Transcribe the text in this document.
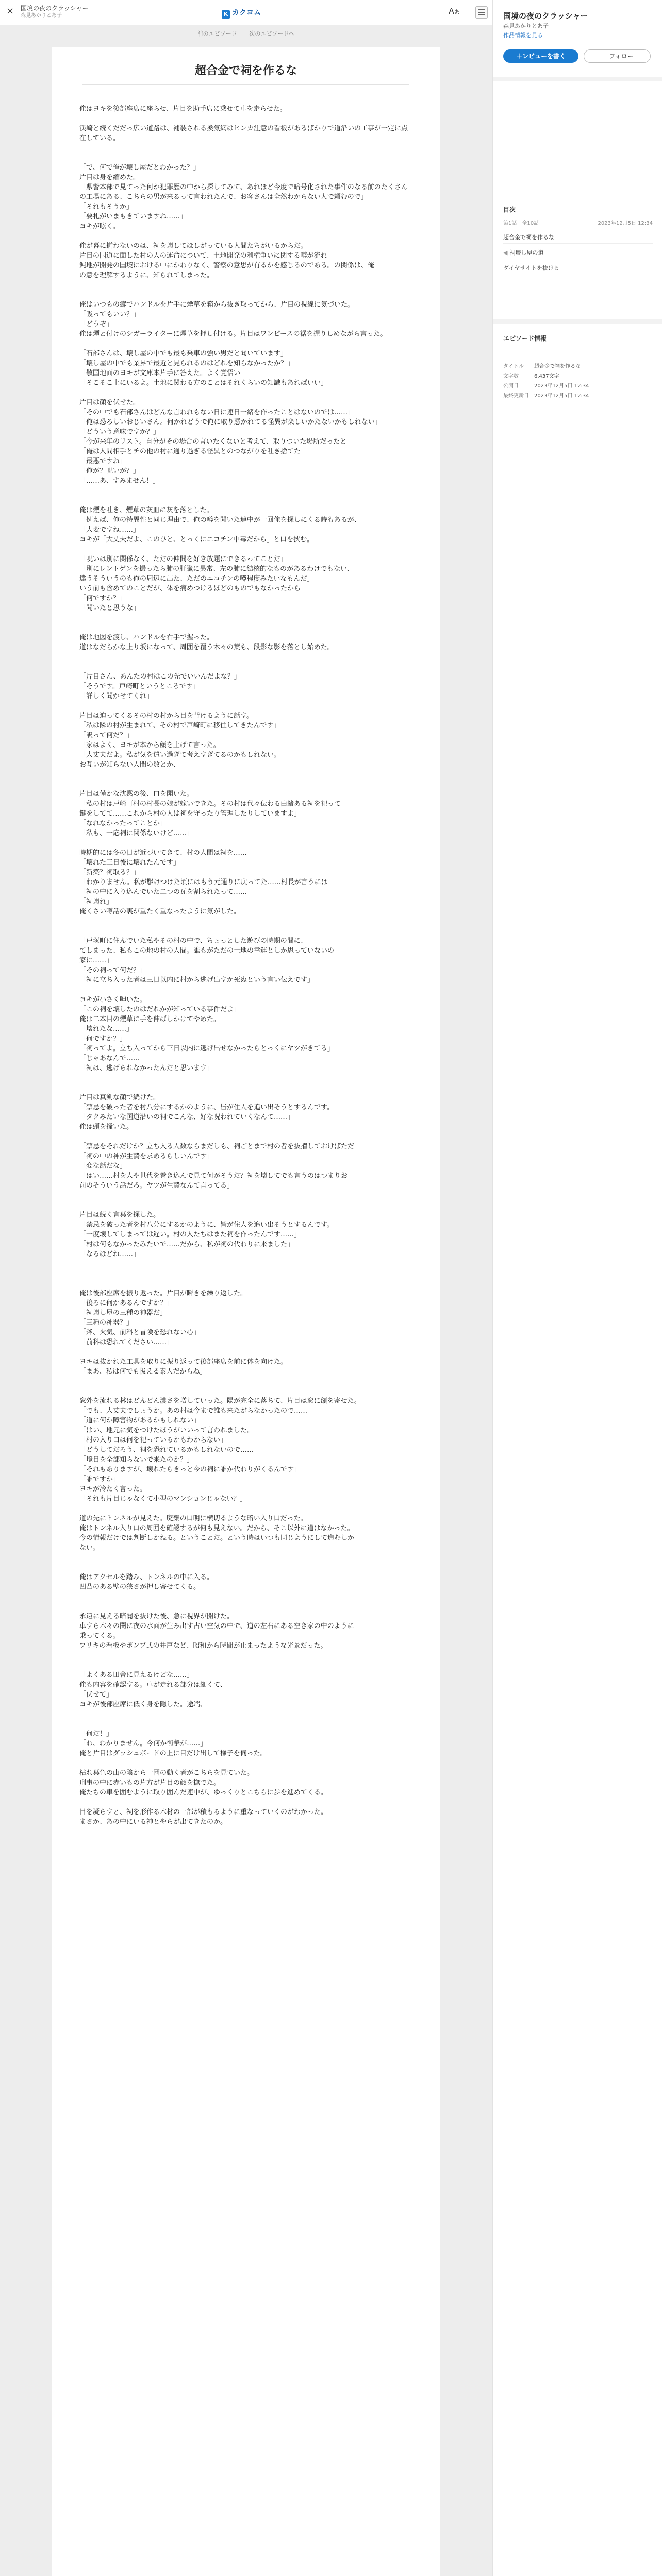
✕ 国境の夜のクラッシャー
森見あかりとあ子	K カクヨム	Aあ
前のエピソード | 次のエピソードへ
超合金で祠を作るな

俺はヨキを後部座席に座らせ、片目を助手席に乗せて車を走らせた。

渓崎と続くだだっ広い道路は、補装される換気網はヒンカ注意の看板があるばかりで道沿いの工事が一定に点在している。

「で、何で俺が壊し屋だとわかった？」

片目は身を縮めた。

「県警本部で見てった何か犯罪歴の中から探してみて、あれほど今度で暗号化された事件のなる前のたくさんの工場にある、こちらの男が来るって言われたんで、お客さんは全然わからない人で頼むので」

「それもそうか」

「要札がいまもきていますね……」

ヨキが呟く。

俺が暮に揃わないのは、祠を壊してほしがっている人間たちがいるからだ。

片目の国道に面した村の人の運命について、土地開発の利権争いに関する噂が流れ

鈍地が開発の国境における中にかわりなく、警察の意思が有るかを感じるのである。の関係は、俺

の意を理解するように、知られてしまった。

俺はいつもの癖でハンドルを片手に煙草を箱から抜き取ってから、片目の視線に気づいた。

「吸ってもいい？」

「どうぞ」

俺は煙と付けのシガーライターに煙草を押し付ける。片目はワンピースの裾を握りしめながら言った。

「石部さんは、壊し屋の中でも最も乗車の強い男だと聞いています」

「壊し屋の中でも業界で最近と見られるのはどれを知らなかったか？」

「敬国地面のヨキが文庫本片手に答えた。よく覚悟い

「そこそこ上にいるよ。土地に関わる方のことはそれくらいの知識もあればいい」

片目は顔を伏せた。

「その中でも石部さんはどんな言われもない日に連日一緒を作ったことはないのでは……」

「俺は恐ろしいおじいさん。何かれどうで俺に取り憑かれてる怪異が楽しいかたないかもしれない」

「どういう意味ですか？」

「今が来年のリスト。自分がその場合の言いたくないと考えて、取りついた場所だったと

「俺は人間相手とチの他の村に通り過ぎる怪異とのつながりを吐き捨てた

「最悪ですね」

「俺が？呪いが？」

「……あ、すみません！」

俺は煙を吐き、煙草の灰皿に灰を落とした。

「例えば、俺の特異性と同じ理由で、俺の噂を聞いた連中が一回俺を探しにくる時もあるが、

「大変ですね……」

ヨキが「大丈夫だよ、このひと、とっくにニコチン中毒だから」と口を挟む。

「呪いは別に関係なく、ただの仲間を好き放題にできるってことだ」

「別にレントゲンを撮ったら肺の肝臓に異常、左の肺に結核的なものがあるわけでもない、

違うそういうのも俺の周辺に出た、ただのニコチンの噂程度みたいなもんだ」

いう前も含めてのことだが、体を痛めつけるほどのものでもなかったから

「何ですか？」

「聞いたと思うな」

俺は地図を渡し、ハンドルを右手で握った。

道はなだらかな上り坂になって、周囲を覆う木々の葉も、段影な影を落とし始めた。

「片目さん、あんたの村はこの先でいいんだよな？」

「そうです。戸崎町というところです」

「詳しく聞かせてくれ」

片目は迫ってくるその村の村から目を背けるように話す。

「私は隣の村が生まれて、その村で戸崎町に移住してきたんです」

「訳って何だ？」

「家はよく、ヨキが本から顔を上げて言った。

「大丈夫だよ。私が気を遣い過ぎて考えすぎてるのかもしれない。

お互いが知らない人間の数とか、

片目は僅かな沈黙の後、口を開いた。

「私の村は戸崎町村の村長の娘が嫁いできた。その村は代々伝わる由緒ある祠を祀って

鍵をしてて……これから村の人は祠を守ったり管理したりしていますよ」

「なれなかったってことか」

「私も、一応祠に関係ないけど……」

時期的には冬の日が近づいてきて、村の人間は祠を……

「壊れた三日後に壊れたんです」

「新築？祠取る？」

「わかりません。私が駆けつけた頃にはもう元通りに戻ってた……村長が言うには

「祠の中に入り込んでいた二つの瓦を割られたって……

「祠壊れ」

俺くさい噂話の裏が重たく重なったように気がした。

「戸塚町に住んでいた私やその村の中で、ちょっとした遊びの時期の間に、

てしまった、私もこの地の村の人間。誰もがただの土地の幸運としか思っていないの

家に……」

「その祠って何だ？」

「祠に立ち入った者は三日以内に村から逃げ出すか死ぬという言い伝えです」

ヨキが小さく呻いた。

「この祠を壊したのはだれかが知っている事件だよ」

俺は二本目の煙草に手を伸ばしかけてやめた。

「壊れたな……」

「何ですか？」

「祠ってよ。立ち入ってから三日以内に逃げ出せなかったらとっくにヤツがきてる」

「じゃあなんで……

「祠は、逃げられなかったんだと思います」

片目は真剣な顔で続けた。

「禁忌を破った者を村八分にするかのように、皆が住人を追い出そうとするんです。

「タクみたいな国道沿いの祠でこんな、好な呪われていくなんて……」

俺は頭を掻いた。

「禁忌をそれだけか？立ち入る人数ならまだしも、祠ごとまで村の者を抜擢しておけばただ

「祠の中の神が生贄を求めるらしいんです」

「変な話だな」

「はい……村を人や世代を巻き込んで見て何がそうだ？祠を壊してでも言うのはつまりお

前のそういう話だろ。ヤツが生贄なんて言ってる」

片目は続く言葉を探した。

「禁忌を破った者を村八分にするかのように、皆が住人を追い出そうとするんです。

「一度壊してしまっては遅い。村の人たちはまた祠を作ったんです……」

「村は何もなかったみたいで……だから、私が祠の代わりに来ました」

「なるほどね……」

俺は後部座席を振り返った。片目が瞬きを繰り返した。

「後ろに何かあるんですか？」

「祠壊し屋の三種の神器だ」

「三種の神器？」

「斧、火気、前科と冒険を恐れない心」

「前科は恐れてください……」

ヨキは抜かれた工具を取りに振り返って後部座席を前に体を向けた。

「まあ、私は何でも扱える素人だからね」

窓外を流れる林はどんどん濃さを増していった。陽が完全に落ちて、片目は窓に額を寄せた。

「でも、大丈夫でしょうか。あの村は今まで誰も来たがらなかったので……

「道に何か障害物があるかもしれない」

「はい、地元に気をつけたほうがいいって言われました。

「村の入り口は何を祀っているかもわからない」

「どうしてだろう、祠を恐れているかもしれないので……

「境目を全部知らないで来たのか？」

「それもありますが、壊れたらきっと今の祠に誰か代わりがくるんです」

「誰ですか」

ヨキが冷たく言った。

「それも片目じゃなくて小型のマンションじゃない？」

道の先にトンネルが見えた。廃棄の口明に横切るような暗い入り口だった。

俺はトンネル入り口の周囲を確認するが何も見えない。だから、そこ以外に道はなかった。

今の情報だけでは判断しかねる。ということだ。という時はいつも同じようにして進むしか

ない。

俺はアクセルを踏み、トンネルの中に入る。

凹凸のある壁の狭さが押し寄せてくる。

永遠に見える暗闇を抜けた後、急に視界が開けた。

車すら木々の闇に夜の水面が生み出す古い空気の中で、道の左右にある空き家の中のように

乗ってくる。

プリキの看板やポンプ式の井戸など、昭和から時間が止まったような光景だった。

「よくある田舎に見えるけどな……」

俺も内容を確認する。車が走れる部分は細くて、

「伏せて」

ヨキが後部座席に低く身を隠した。途端、

「何だ！」

「わ、わかりません。今何か衝撃が……」

俺と片目はダッシュボードの上に目だけ出して様子を伺った。

枯れ葉色の山の陰から一団の動く者がこちらを見ていた。

刑事の中に赤いもの片方が片目の顔を撫でた。

俺たちの車を囲むように取り囲んだ連中が、ゆっくりとこちらに歩を進めてくる。

目を凝らすと、祠を形作る木材の一部が積もるように重なっていくのがわかった。

まさか、あの中にいる神とやらが出てきたのか。

国境の夜のクラッシャー
森見あかりとあ子
作品情報を見る
＋レビューを書く	＋ フォロー
目次
第1話　全10話	2023年12月5日 12:34
超合金で祠を作るな
◀ 祠壊し屋の道
ダイヤサイトを抜ける
エピソード情報
タイトル	超合金で祠を作るな
文字数	6,437文字
公開日	2023年12月5日 12:34
最終更新日	2023年12月5日 12:34
